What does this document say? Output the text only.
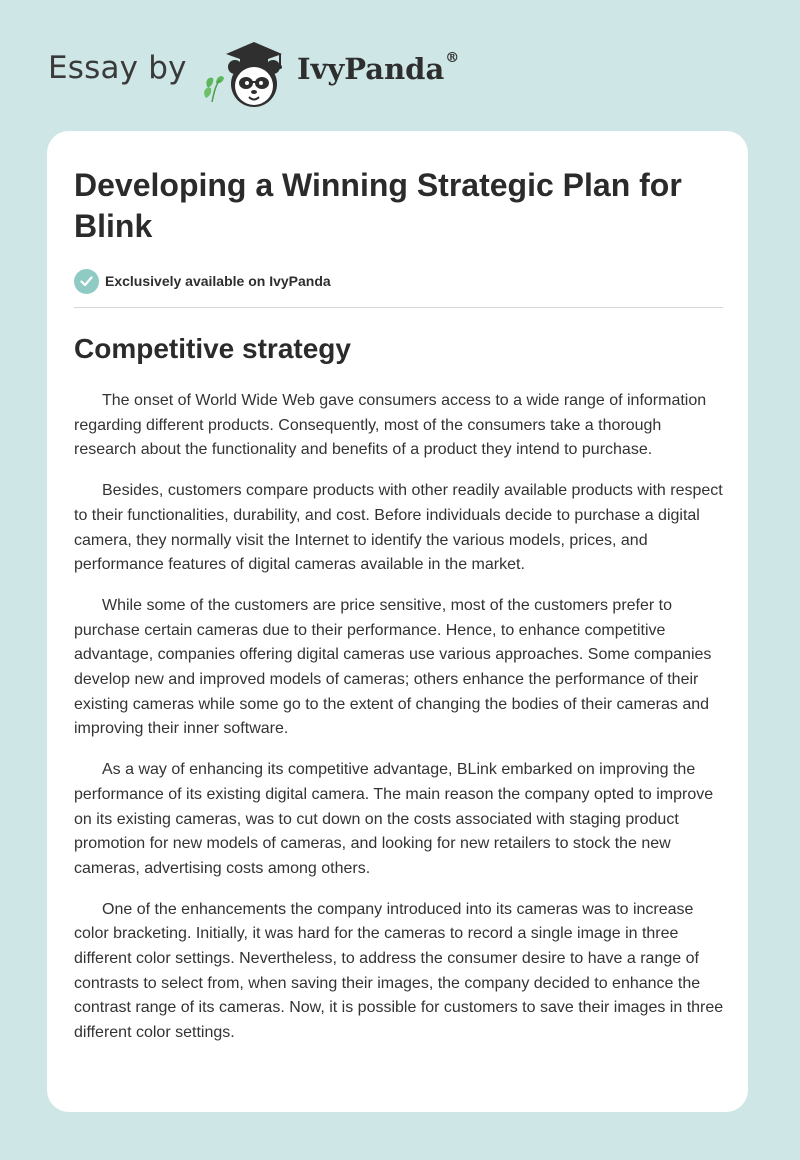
Essay by	IvyPanda®
Developing a Winning Strategic Plan for Blink
Exclusively available on IvyPanda
Competitive strategy

The onset of World Wide Web gave consumers access to a wide range of information regarding different products. Consequently, most of the consumers take a thorough research about the functionality and benefits of a product they intend to purchase.

Besides, customers compare products with other readily available products with respect to their functionalities, durability, and cost. Before individuals decide to purchase a digital camera, they normally visit the Internet to identify the various models, prices, and performance features of digital cameras available in the market.

While some of the customers are price sensitive, most of the customers prefer to purchase certain cameras due to their performance. Hence, to enhance competitive advantage, companies offering digital cameras use various approaches. Some companies develop new and improved models of cameras; others enhance the performance of their existing cameras while some go to the extent of changing the bodies of their cameras and improving their inner software.

As a way of enhancing its competitive advantage, BLink embarked on improving the performance of its existing digital camera. The main reason the company opted to improve on its existing cameras, was to cut down on the costs associated with staging product promotion for new models of cameras, and looking for new retailers to stock the new cameras, advertising costs among others.

One of the enhancements the company introduced into its cameras was to increase color bracketing. Initially, it was hard for the cameras to record a single image in three different color settings. Nevertheless, to address the consumer desire to have a range of contrasts to select from, when saving their images, the company decided to enhance the contrast range of its cameras. Now, it is possible for customers to save their images in three different color settings.
